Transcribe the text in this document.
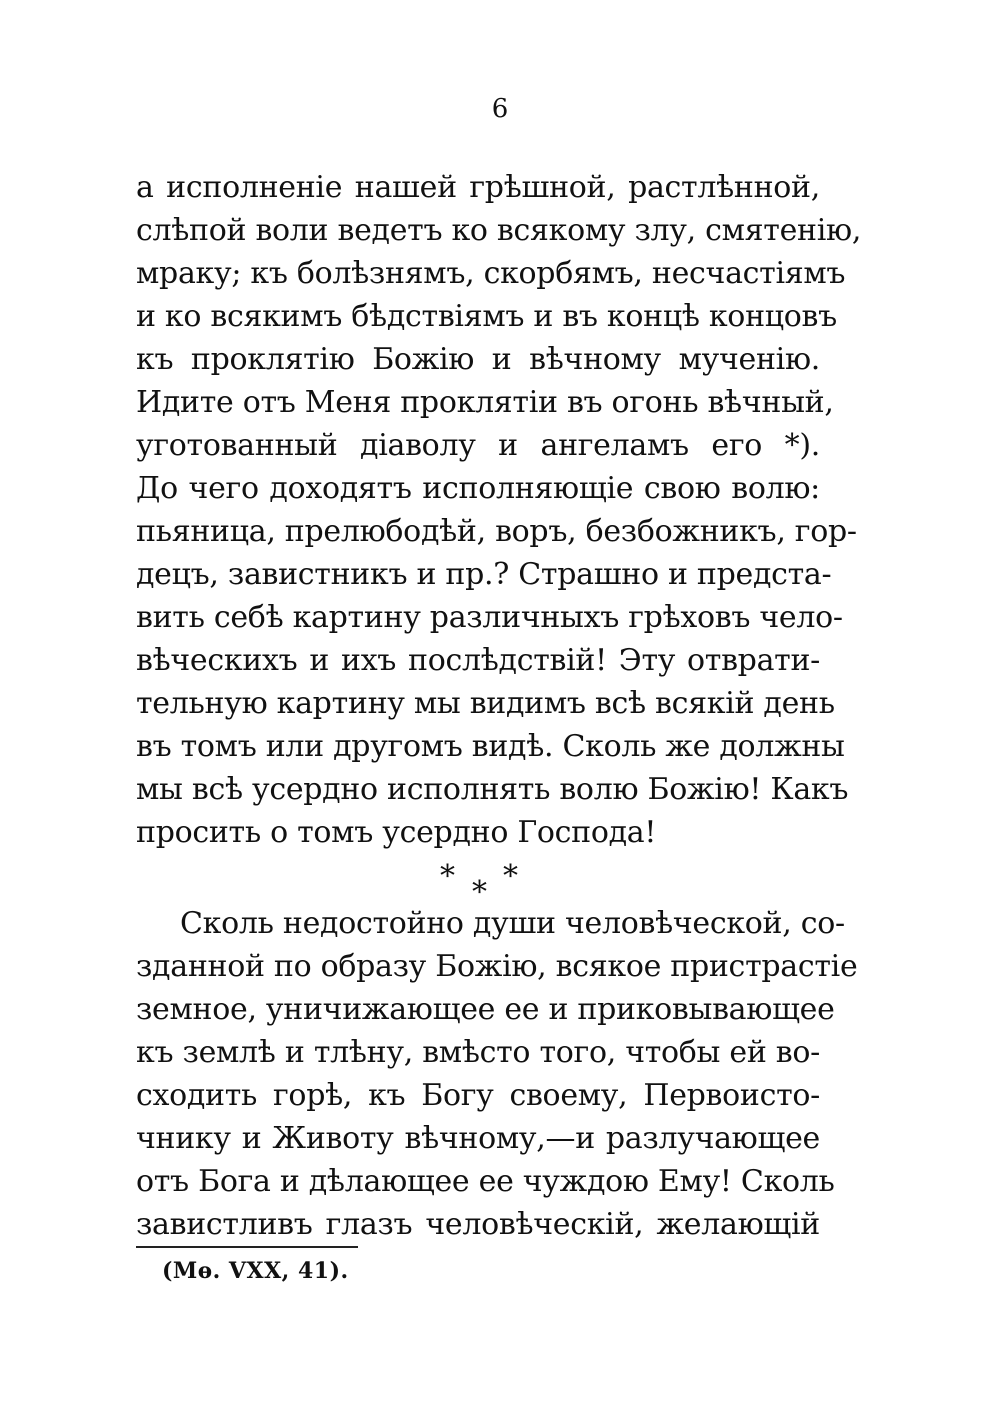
6
а исполненіе нашей грѣшной, растлѣнной,
слѣпой воли ведетъ ко всякому злу, смятенію,
мраку; къ болѣзнямъ, скорбямъ, несчастіямъ
и ко всякимъ бѣдствіямъ и въ концѣ концовъ
къ проклятію Божію и вѣчному мученію.
Идите отъ Меня проклятіи въ огонь вѣчный,
уготованный діаволу и ангеламъ его *).
До чего доходятъ исполняющіе свою волю:
пьяница, прелюбодѣй, воръ, безбожникъ, гор-
децъ, завистникъ и пр.? Страшно и предста-
вить себѣ картину различныхъ грѣховъ чело-
вѣческихъ и ихъ послѣдствій! Эту отврати-
тельную картину мы видимъ всѣ всякій день
въ томъ или другомъ видѣ. Сколь же должны
мы всѣ усердно исполнять волю Божію! Какъ
просить о томъ усердно Господа!
* *
*
Сколь недостойно души человѣческой, со-
зданной по образу Божію, всякое пристрастіе
земное, уничижающее ее и приковывающее
къ землѣ и тлѣну, вмѣсто того, чтобы ей во-
сходить горѣ, къ Богу своему, Первоисто-
чнику и Животу вѣчному,—и разлучающее
отъ Бога и дѣлающее ее чуждою Ему! Сколь
завистливъ глазъ человѣческій, желающій
(Мѳ. VXX, 41).
